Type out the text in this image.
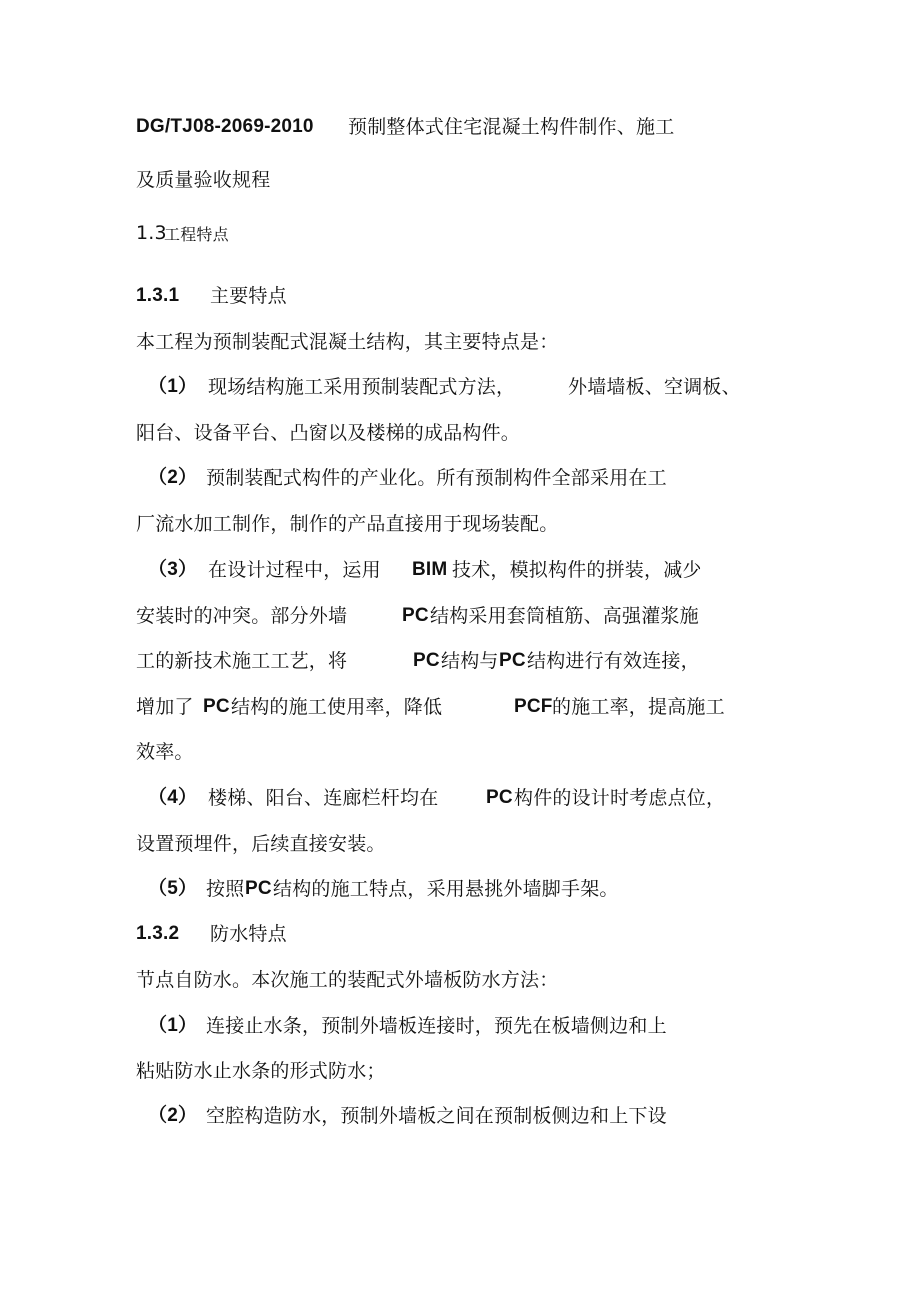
DG/TJ08-2069-2010 预制整体式住宅混凝土构件制作、施工
及质量验收规程
1.3
工程特点
1.3.1 主要特点
本工程为预制装配式混凝土结构，其主要特点是：
（1） 现场结构施工采用预制装配式方法，	外墙墙板、空调板、
阳台、设备平台、凸窗以及楼梯的成品构件。
（2） 预制装配式构件的产业化。所有预制构件全部采用在工
厂流水加工制作，制作的产品直接用于现场装配。
（3） 在设计过程中，运用 BIM 技术，模拟构件的拼装，减少
安装时的冲突。部分外墙	PC 结构采用套筒植筋、高强灌浆施
工的新技术施工工艺，将	PC 结构与 PC 结构进行有效连接，
增加了 PC 结构的施工使用率，降低	PCF 的施工率，提高施工
效率。
（4） 楼梯、阳台、连廊栏杆均在	PC 构件的设计时考虑点位，
设置预埋件，后续直接安装。
（5） 按照 PC 结构的施工特点，采用悬挑外墙脚手架。
1.3.2 防水特点
节点自防水。本次施工的装配式外墙板防水方法：
（1） 连接止水条，预制外墙板连接时，预先在板墙侧边和上
粘贴防水止水条的形式防水；
（2） 空腔构造防水，预制外墙板之间在预制板侧边和上下设
